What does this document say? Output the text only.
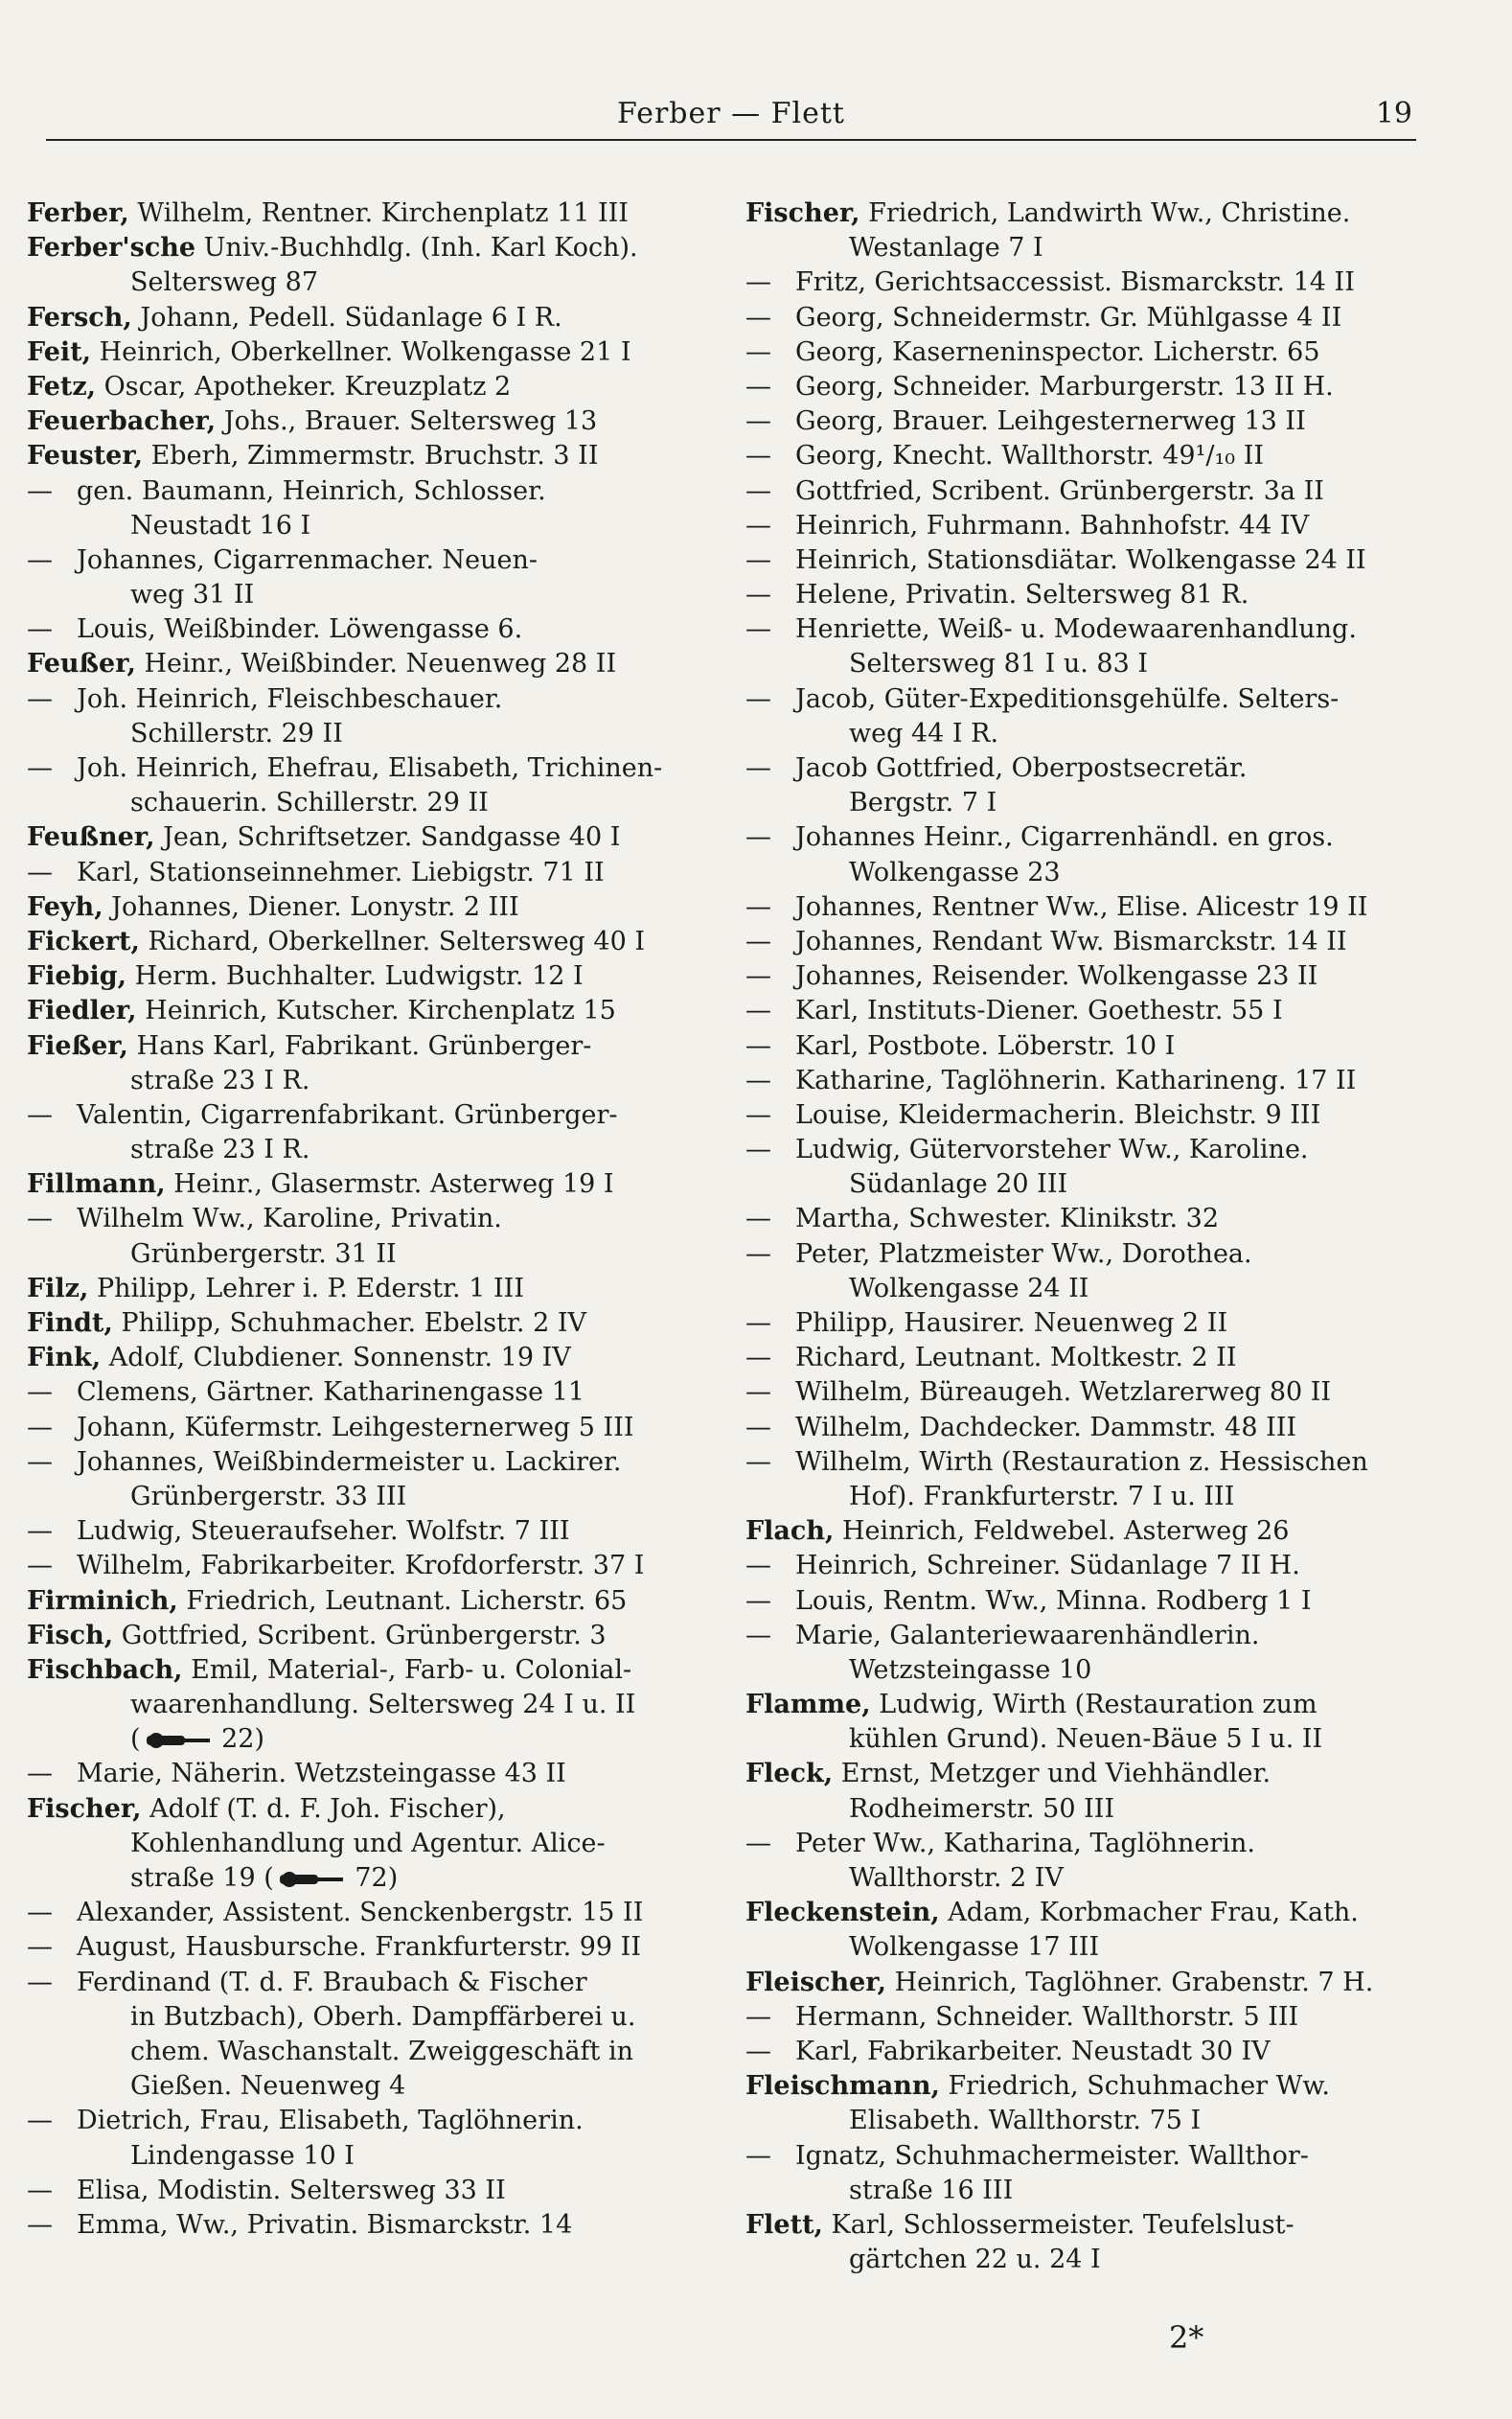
Ferber — Flett	19
Ferber, Wilhelm, Rentner. Kirchenplatz 11 III
Ferber'sche Univ.-Buchhdlg. (Inh. Karl Koch).
Seltersweg 87
Fersch, Johann, Pedell. Südanlage 6 I R.
Feit, Heinrich, Oberkellner. Wolkengasse 21 I
Fetz, Oscar, Apotheker. Kreuzplatz 2
Feuerbacher, Johs., Brauer. Seltersweg 13
Feuster, Eberh, Zimmermstr. Bruchstr. 3 II
— gen. Baumann, Heinrich, Schlosser.
Neustadt 16 I
— Johannes, Cigarrenmacher. Neuen-
weg 31 II
— Louis, Weißbinder. Löwengasse 6.
Feußer, Heinr., Weißbinder. Neuenweg 28 II
— Joh. Heinrich, Fleischbeschauer.
Schillerstr. 29 II
— Joh. Heinrich, Ehefrau, Elisabeth, Trichinen-
schauerin. Schillerstr. 29 II
Feußner, Jean, Schriftsetzer. Sandgasse 40 I
— Karl, Stationseinnehmer. Liebigstr. 71 II
Feyh, Johannes, Diener. Lonystr. 2 III
Fickert, Richard, Oberkellner. Seltersweg 40 I
Fiebig, Herm. Buchhalter. Ludwigstr. 12 I
Fiedler, Heinrich, Kutscher. Kirchenplatz 15
Fießer, Hans Karl, Fabrikant. Grünberger-
straße 23 I R.
— Valentin, Cigarrenfabrikant. Grünberger-
straße 23 I R.
Fillmann, Heinr., Glasermstr. Asterweg 19 I
— Wilhelm Ww., Karoline, Privatin.
Grünbergerstr. 31 II
Filz, Philipp, Lehrer i. P. Ederstr. 1 III
Findt, Philipp, Schuhmacher. Ebelstr. 2 IV
Fink, Adolf, Clubdiener. Sonnenstr. 19 IV
— Clemens, Gärtner. Katharinengasse 11
— Johann, Küfermstr. Leihgesternerweg 5 III
— Johannes, Weißbindermeister u. Lackirer.
Grünbergerstr. 33 III
— Ludwig, Steueraufseher. Wolfstr. 7 III
— Wilhelm, Fabrikarbeiter. Krofdorferstr. 37 I
Firminich, Friedrich, Leutnant. Licherstr. 65
Fisch, Gottfried, Scribent. Grünbergerstr. 3
Fischbach, Emil, Material-, Farb- u. Colonial-
waarenhandlung. Seltersweg 24 I u. II
(	22)
— Marie, Näherin. Wetzsteingasse 43 II
Fischer, Adolf (T. d. F. Joh. Fischer),
Kohlenhandlung und Agentur. Alice-
straße 19 (	72)
— Alexander, Assistent. Senckenbergstr. 15 II
— August, Hausbursche. Frankfurterstr. 99 II
— Ferdinand (T. d. F. Braubach & Fischer
in Butzbach), Oberh. Dampffärberei u.
chem. Waschanstalt. Zweiggeschäft in
Gießen. Neuenweg 4
— Dietrich, Frau, Elisabeth, Taglöhnerin.
Lindengasse 10 I
— Elisa, Modistin. Seltersweg 33 II
— Emma, Ww., Privatin. Bismarckstr. 14
Fischer, Friedrich, Landwirth Ww., Christine.
Westanlage 7 I
— Fritz, Gerichtsaccessist. Bismarckstr. 14 II
— Georg, Schneidermstr. Gr. Mühlgasse 4 II
— Georg, Kaserneninspector. Licherstr. 65
— Georg, Schneider. Marburgerstr. 13 II H.
— Georg, Brauer. Leihgesternerweg 13 II
— Georg, Knecht. Wallthorstr. 49¹/₁₀ II
— Gottfried, Scribent. Grünbergerstr. 3a II
— Heinrich, Fuhrmann. Bahnhofstr. 44 IV
— Heinrich, Stationsdiätar. Wolkengasse 24 II
— Helene, Privatin. Seltersweg 81 R.
— Henriette, Weiß- u. Modewaarenhandlung.
Seltersweg 81 I u. 83 I
— Jacob, Güter-Expeditionsgehülfe. Selters-
weg 44 I R.
— Jacob Gottfried, Oberpostsecretär.
Bergstr. 7 I
— Johannes Heinr., Cigarrenhändl. en gros.
Wolkengasse 23
— Johannes, Rentner Ww., Elise. Alicestr 19 II
— Johannes, Rendant Ww. Bismarckstr. 14 II
— Johannes, Reisender. Wolkengasse 23 II
— Karl, Instituts-Diener. Goethestr. 55 I
— Karl, Postbote. Löberstr. 10 I
— Katharine, Taglöhnerin. Katharineng. 17 II
— Louise, Kleidermacherin. Bleichstr. 9 III
— Ludwig, Gütervorsteher Ww., Karoline.
Südanlage 20 III
— Martha, Schwester. Klinikstr. 32
— Peter, Platzmeister Ww., Dorothea.
Wolkengasse 24 II
— Philipp, Hausirer. Neuenweg 2 II
— Richard, Leutnant. Moltkestr. 2 II
— Wilhelm, Büreaugeh. Wetzlarerweg 80 II
— Wilhelm, Dachdecker. Dammstr. 48 III
— Wilhelm, Wirth (Restauration z. Hessischen
Hof). Frankfurterstr. 7 I u. III
Flach, Heinrich, Feldwebel. Asterweg 26
— Heinrich, Schreiner. Südanlage 7 II H.
— Louis, Rentm. Ww., Minna. Rodberg 1 I
— Marie, Galanteriewaarenhändlerin.
Wetzsteingasse 10
Flamme, Ludwig, Wirth (Restauration zum
kühlen Grund). Neuen-Bäue 5 I u. II
Fleck, Ernst, Metzger und Viehhändler.
Rodheimerstr. 50 III
— Peter Ww., Katharina, Taglöhnerin.
Wallthorstr. 2 IV
Fleckenstein, Adam, Korbmacher Frau, Kath.
Wolkengasse 17 III
Fleischer, Heinrich, Taglöhner. Grabenstr. 7 H.
— Hermann, Schneider. Wallthorstr. 5 III
— Karl, Fabrikarbeiter. Neustadt 30 IV
Fleischmann, Friedrich, Schuhmacher Ww.
Elisabeth. Wallthorstr. 75 I
— Ignatz, Schuhmachermeister. Wallthor-
straße 16 III
Flett, Karl, Schlossermeister. Teufelslust-
gärtchen 22 u. 24 I
2*
